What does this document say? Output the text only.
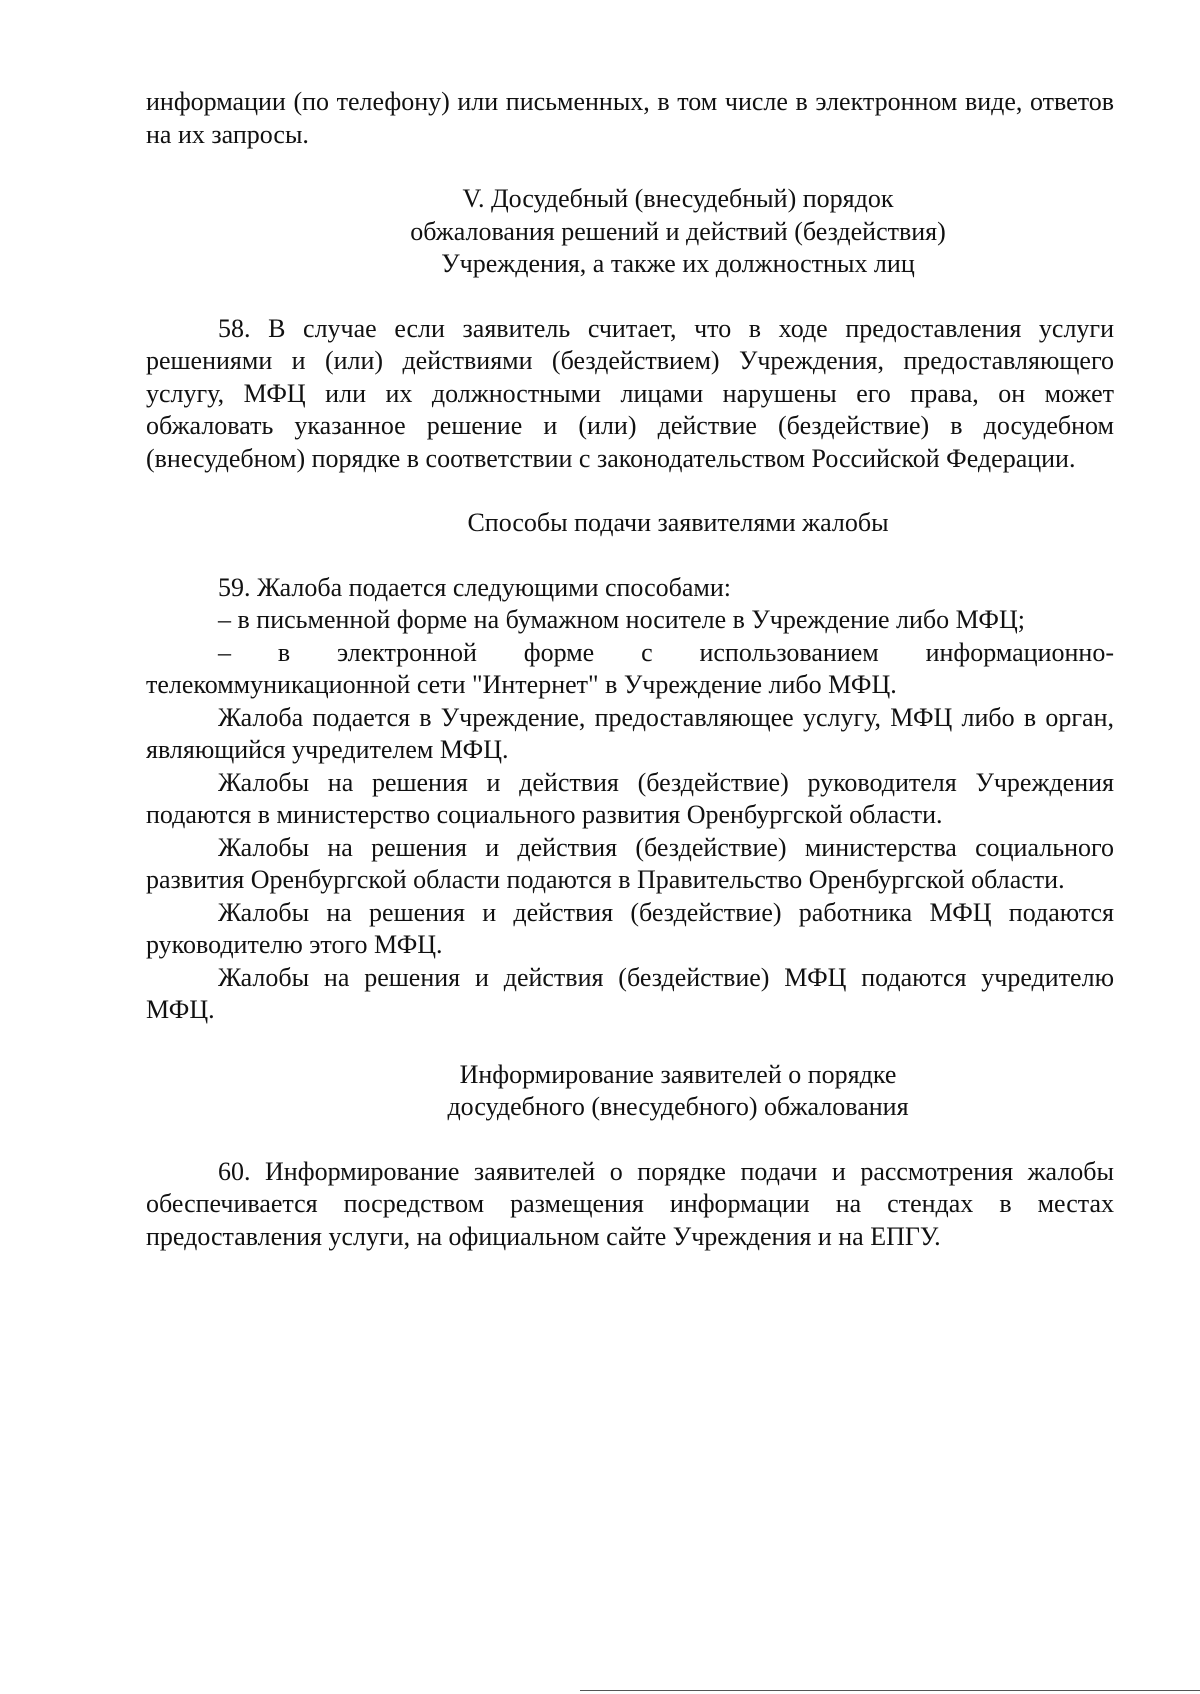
информации (по телефону) или письменных, в том числе в электронном виде, ответов на их запросы.

V. Досудебный (внесудебный) порядок
обжалования решений и действий (бездействия)
Учреждения, а также их должностных лиц

58. В случае если заявитель считает, что в ходе предоставления услуги решениями и (или) действиями (бездействием) Учреждения, предоставляющего услугу, МФЦ или их должностными лицами нарушены его права, он может обжаловать указанное решение и (или) действие (бездействие) в досудебном (внесудебном) порядке в соответствии с законодательством Российской Федерации.

Способы подачи заявителями жалобы

59. Жалоба подается следующими способами:

– в письменной форме на бумажном носителе в Учреждение либо МФЦ;

– в электронной форме с использованием информационно-телекоммуникационной сети "Интернет" в Учреждение либо МФЦ.

Жалоба подается в Учреждение, предоставляющее услугу, МФЦ либо в орган, являющийся учредителем МФЦ.

Жалобы на решения и действия (бездействие) руководителя Учреждения подаются в министерство социального развития Оренбургской области.

Жалобы на решения и действия (бездействие) министерства социального развития Оренбургской области подаются в Правительство Оренбургской области.

Жалобы на решения и действия (бездействие) работника МФЦ подаются руководителю этого МФЦ.

Жалобы на решения и действия (бездействие) МФЦ подаются учредителю МФЦ.

Информирование заявителей о порядке
досудебного (внесудебного) обжалования

60. Информирование заявителей о порядке подачи и рассмотрения жалобы обеспечивается посредством размещения информации на стендах в местах предоставления услуги, на официальном сайте Учреждения и на ЕПГУ.
